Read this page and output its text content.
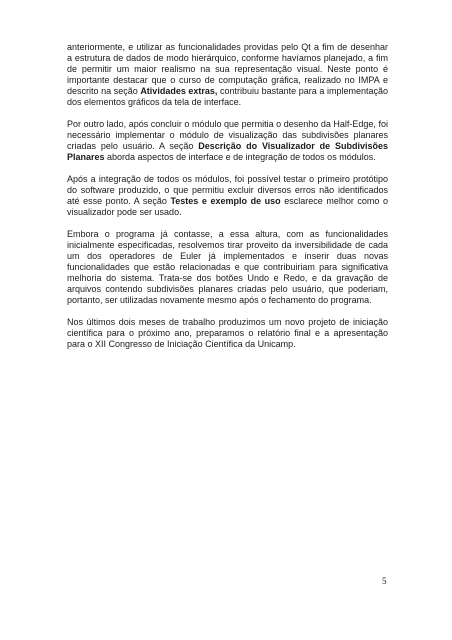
anteriormente, e utilizar as funcionalidades providas pelo Qt a fim de desenhar a estrutura de dados de modo hierárquico, conforme havíamos planejado, a fim de permitir um maior realismo na sua representação visual. Neste ponto é importante destacar que o curso de computação gráfica, realizado no IMPA e descrito na seção Atividades extras, contribuiu bastante para a implementação dos elementos gráficos da tela de interface.

Por outro lado, após concluir o módulo que permitia o desenho da Half-Edge, foi necessário implementar o módulo de visualização das subdivisões planares criadas pelo usuário. A seção Descrição do Visualizador de Subdivisões Planares aborda aspectos de interface e de integração de todos os módulos.

Após a integração de todos os módulos, foi possível testar o primeiro protótipo do software produzido, o que permitiu excluir diversos erros não identificados até esse ponto. A seção Testes e exemplo de uso esclarece melhor como o visualizador pode ser usado.

Embora o programa já contasse, a essa altura, com as funcionalidades inicialmente especificadas, resolvemos tirar proveito da inversibilidade de cada um dos operadores de Euler já implementados e inserir duas novas funcionalidades que estão relacionadas e que contribuiriam para significativa melhoria do sistema. Trata-se dos botões Undo e Redo, e da gravação de arquivos contendo subdivisões planares criadas pelo usuário, que poderiam, portanto, ser utilizadas novamente mesmo após o fechamento do programa.

Nos últimos dois meses de trabalho produzimos um novo projeto de iniciação científica para o próximo ano, preparamos o relatório final e a apresentação para o XII Congresso de Iniciação Científica da Unicamp.

5
